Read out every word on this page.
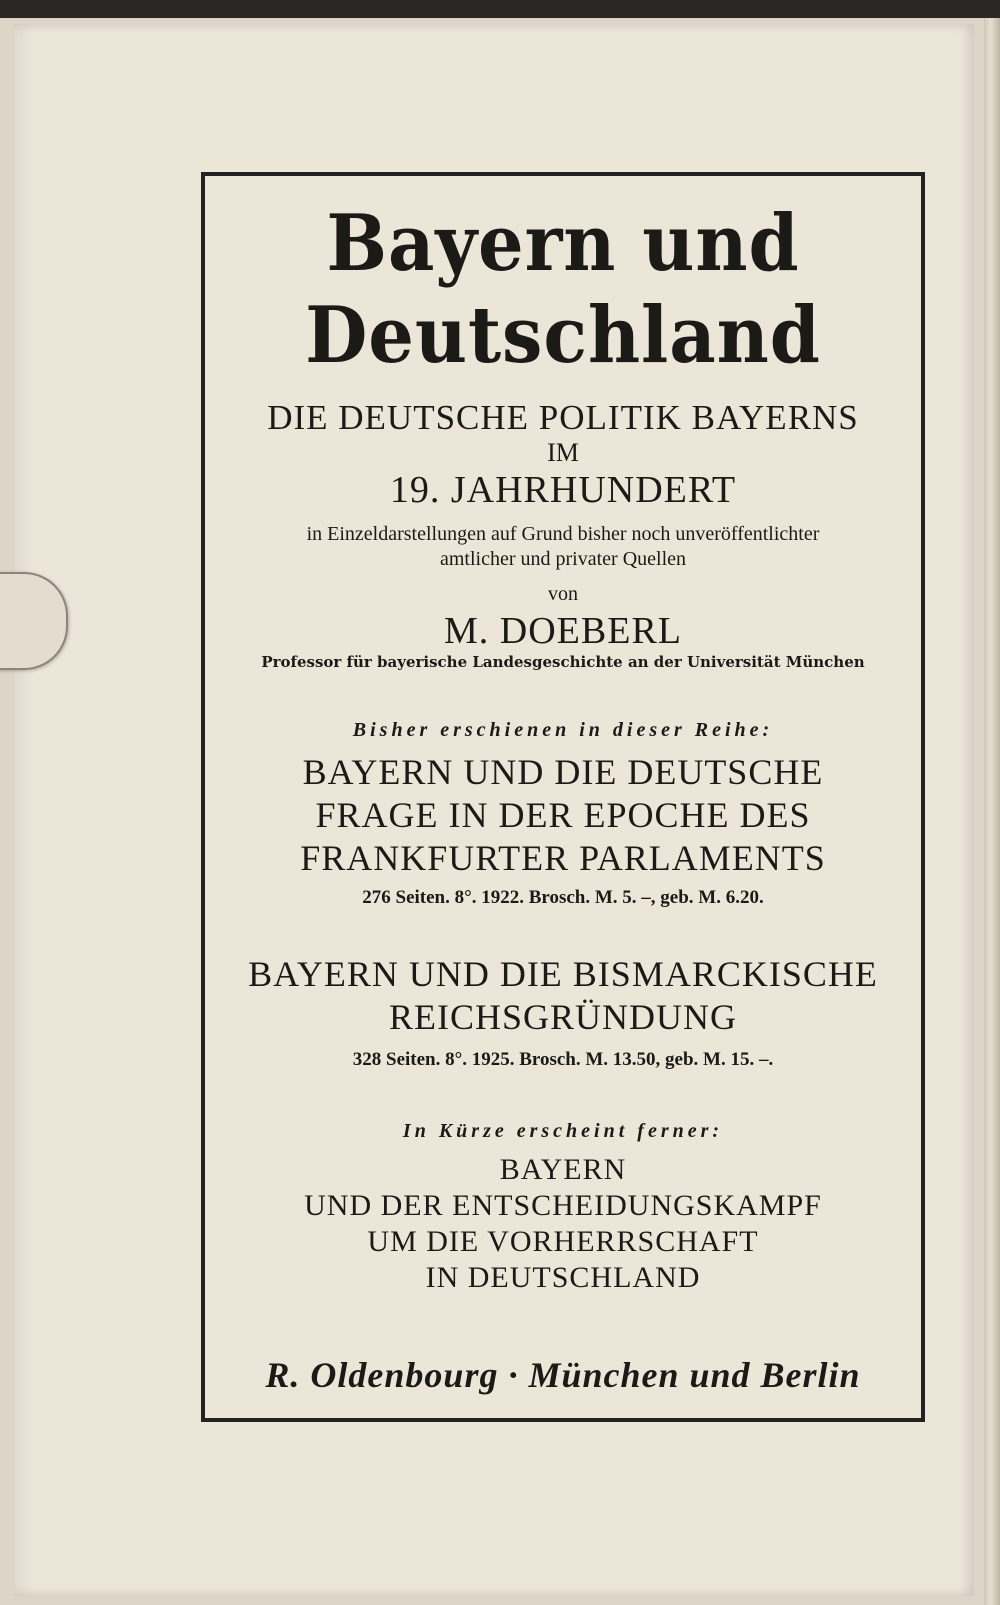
Bayern und
Deutschland
DIE DEUTSCHE POLITIK BAYERNS
IM
19. JAHRHUNDERT
in Einzeldarstellungen auf Grund bisher noch unveröffentlichter
amtlicher und privater Quellen
von
M. DOEBERL
Professor für bayerische Landesgeschichte an der Universität München
Bisher erschienen in dieser Reihe:
BAYERN UND DIE DEUTSCHE
FRAGE IN DER EPOCHE DES
FRANKFURTER PARLAMENTS
276 Seiten. 8°. 1922. Brosch. M. 5. –, geb. M. 6.20.
BAYERN UND DIE BISMARCKISCHE
REICHSGRÜNDUNG
328 Seiten. 8°. 1925. Brosch. M. 13.50, geb. M. 15. –.
In Kürze erscheint ferner:
BAYERN
UND DER ENTSCHEIDUNGSKAMPF
UM DIE VORHERRSCHAFT
IN DEUTSCHLAND
R. Oldenbourg · München und Berlin
